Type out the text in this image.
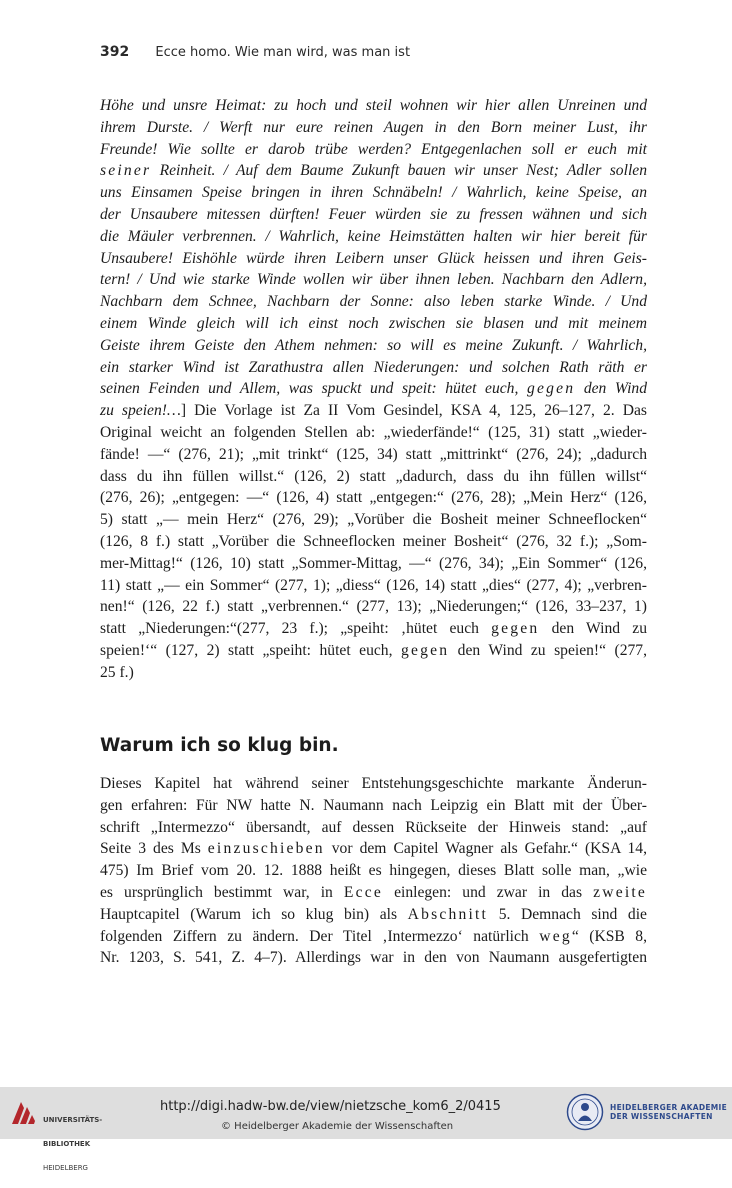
392 Ecce homo. Wie man wird, was man ist
Höhe und unsre Heimat: zu hoch und steil wohnen wir hier allen Unreinen und
ihrem Durste. / Werft nur eure reinen Augen in den Born meiner Lust, ihr
Freunde! Wie sollte er darob trübe werden? Entgegenlachen soll er euch mit
seiner Reinheit. / Auf dem Baume Zukunft bauen wir unser Nest; Adler sollen
uns Einsamen Speise bringen in ihren Schnäbeln! / Wahrlich, keine Speise, an
der Unsaubere mitessen dürften! Feuer würden sie zu fressen wähnen und sich
die Mäuler verbrennen. / Wahrlich, keine Heimstätten halten wir hier bereit für
Unsaubere! Eishöhle würde ihren Leibern unser Glück heissen und ihren Geis-
tern! / Und wie starke Winde wollen wir über ihnen leben. Nachbarn den Adlern,
Nachbarn dem Schnee, Nachbarn der Sonne: also leben starke Winde. / Und
einem Winde gleich will ich einst noch zwischen sie blasen und mit meinem
Geiste ihrem Geiste den Athem nehmen: so will es meine Zukunft. / Wahrlich,
ein starker Wind ist Zarathustra allen Niederungen: und solchen Rath räth er
seinen Feinden und Allem, was spuckt und speit: hütet euch, gegen den Wind
zu speien!…] Die Vorlage ist Za II Vom Gesindel, KSA 4, 125, 26–127, 2. Das
Original weicht an folgenden Stellen ab: „wiederfände!“ (125, 31) statt „wieder-
fände! —“ (276, 21); „mit trinkt“ (125, 34) statt „mittrinkt“ (276, 24); „dadurch
dass du ihn füllen willst.“ (126, 2) statt „dadurch, dass du ihn füllen willst“
(276, 26); „entgegen: —“ (126, 4) statt „entgegen:“ (276, 28); „Mein Herz“ (126,
5) statt „— mein Herz“ (276, 29); „Vorüber die Bosheit meiner Schneeflocken“
(126, 8 f.) statt „Vorüber die Schneeflocken meiner Bosheit“ (276, 32 f.); „Som-
mer-Mittag!“ (126, 10) statt „Sommer-Mittag, —“ (276, 34); „Ein Sommer“ (126,
11) statt „— ein Sommer“ (277, 1); „diess“ (126, 14) statt „dies“ (277, 4); „verbren-
nen!“ (126, 22 f.) statt „verbrennen.“ (277, 13); „Niederungen;“ (126, 33–237, 1)
statt „Niederungen:“(277, 23 f.); „speiht: ‚hütet euch gegen den Wind zu
speien!‘“ (127, 2) statt „speiht: hütet euch, gegen den Wind zu speien!“ (277,
25 f.)
Warum ich so klug bin.
Dieses Kapitel hat während seiner Entstehungsgeschichte markante Änderun-
gen erfahren: Für NW hatte N. Naumann nach Leipzig ein Blatt mit der Über-
schrift „Intermezzo“ übersandt, auf dessen Rückseite der Hinweis stand: „auf
Seite 3 des Ms einzuschieben vor dem Capitel Wagner als Gefahr.“ (KSA 14,
475) Im Brief vom 20. 12. 1888 heißt es hingegen, dieses Blatt solle man, „wie
es ursprünglich bestimmt war, in Ecce einlegen: und zwar in das zweite
Hauptcapitel (Warum ich so klug bin) als Abschnitt 5. Demnach sind die
folgenden Ziffern zu ändern. Der Titel ‚Intermezzo‘ natürlich weg“ (KSB 8,
Nr. 1203, S. 541, Z. 4–7). Allerdings war in den von Naumann ausgefertigten

UNIVERSITÄTS-

BIBLIOTHEK

HEIDELBERG

http://digi.hadw-bw.de/view/nietzsche_kom6_2/0415
© Heidelberger Akademie der Wissenschaften
HEIDELBERGER AKADEMIE
DER WISSENSCHAFTEN
